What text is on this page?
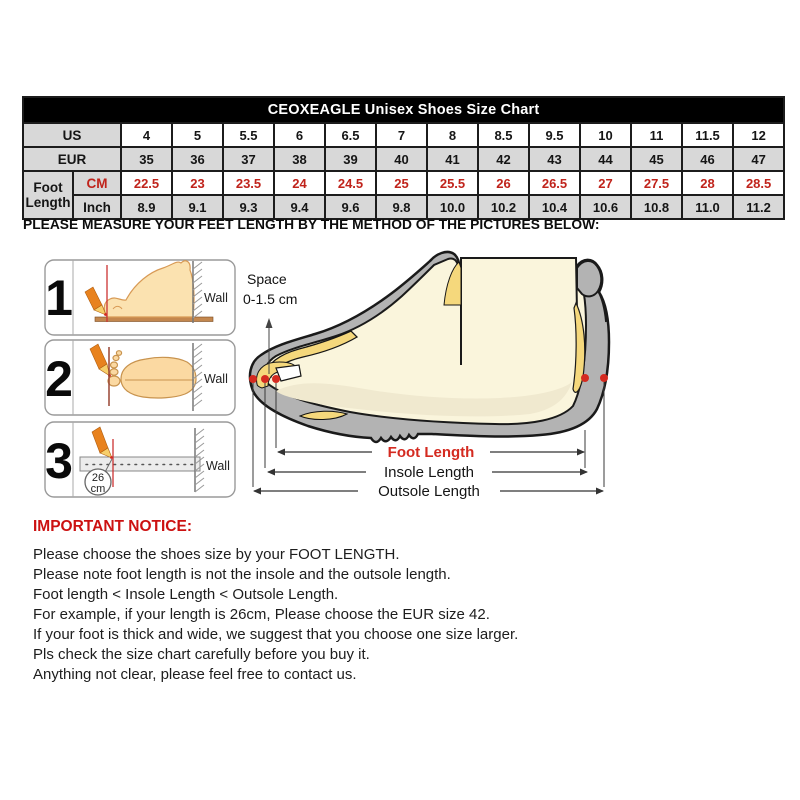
CEOXEAGLE Unisex Shoes Size Chart														
US		4	5	5.5	6	6.5	7	8	8.5	9.5	10	11	11.5	12
EUR		35	36	37	38	39	40	41	42	43	44	45	46	47
Foot Length	CM	22.5	23	23.5	24	24.5	25	25.5	26	26.5	27	27.5	28	28.5
	Inch	8.9	9.1	9.3	9.4	9.6	9.8	10.0	10.2	10.4	10.6	10.8	11.0	11.2
PLEASE MEASURE YOUR FEET LENGTH BY THE METHOD OF THE PICTURES BELOW:
1	Wall
2	Wall
3 26
cm
Wall
Space
0-1.5 cm
Foot Length
Insole Length
Outsole Length
IMPORTANT NOTICE:
Please choose the shoes size by your FOOT LENGTH.
Please note foot length is not the insole and the outsole length.
Foot length < Insole Length < Outsole Length.
For example, if your length is 26cm, Please choose the EUR size 42.
If your foot is thick and wide, we suggest that you choose one size larger.
Pls check the size chart carefully before you buy it.
Anything not clear, please feel free to contact us.
